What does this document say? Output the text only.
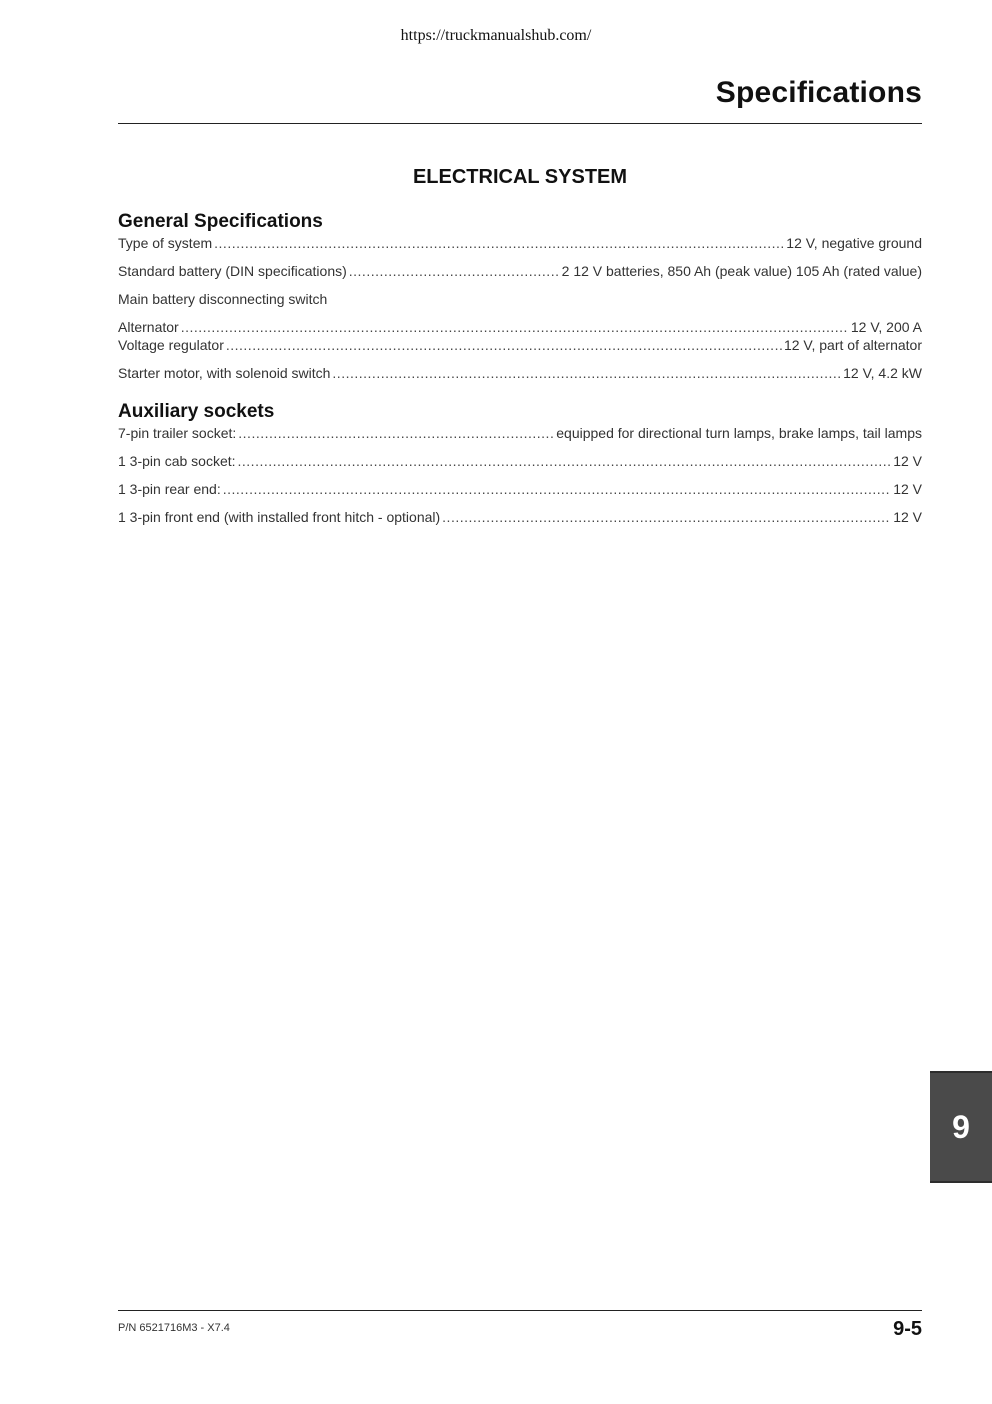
https://truckmanualshub.com/
Specifications
ELECTRICAL SYSTEM
General Specifications
Type of system .....	12 V, negative ground
Standard battery (DIN specifications) .....	2 12 V batteries, 850 Ah (peak value) 105 Ah (rated value)
Main battery disconnecting switch
Alternator .....	12 V, 200 A
Voltage regulator .....	12 V, part of alternator
Starter motor, with solenoid switch .....	12 V, 4.2 kW
Auxiliary sockets
7-pin trailer socket: .....	equipped for directional turn lamps, brake lamps, tail lamps
1 3-pin cab socket: .....	12 V
1 3-pin rear end: .....	12 V
1 3-pin front end (with installed front hitch - optional) .....	12 V
9
P/N 6521716M3 - X7.4	9-5
